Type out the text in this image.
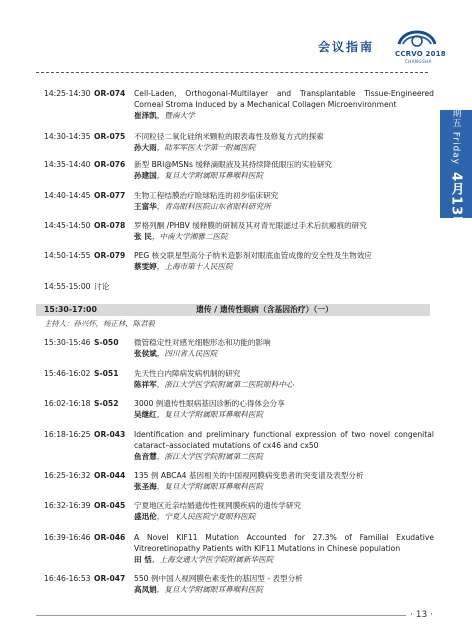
会议指南	CCRVO 2018
CHANGSHA
星期五 Friday
4月13日
14:25-14:30 OR-074 Cell-Laden, Orthogonal-Multilayer and Transplantable Tissue-Engineered Corneal Stroma Induced by a Mechanical Collagen Microenvironment
崔泽凯，暨南大学
14:30-14:35 OR-075 不同粒径二氧化硅纳米颗粒的眼表毒性及修复方式的探索
孙大雨，陆军军医大学第一附属医院
14:35-14:40 OR-076 新型 BRI@MSNs 缓释滴眼液及其持续降低眼压的实验研究
孙建国，复旦大学附属眼耳鼻喉科医院
14:40-14:45 OR-077 生物工程结膜治疗睑球粘连的初步临床研究
王富华，青岛眼科医院山东省眼科研究所
14:45-14:50 OR-078 罗格列酮 /PHBV 缓释膜的研制及其对青光眼滤过手术后抗瘢痕的研究
张 民，中南大学湘雅二医院
14:50-14:55 OR-079 PEG 核交联星型高分子纳米造影剂对眼底血管成像的安全性及生物效应
蔡雯婷，上海市第十人民医院
14:55-15:00 讨论
15:30-17:00	遗传 / 遗传性眼病（含基因治疗）（一）
主持人：孙兴怀，杨正林，陈君毅
15:30-15:46 S-050 微管稳定性对感光细胞形态和功能的影响
张侯斌，四川省人民医院
15:46-16:02 S-051 先天性白内障病发病机制的研究
陈祥军，浙江大学医学院附属第二医院眼科中心
16:02-16:18 S-052 3000 例遗传性眼病基因诊断的心得体会分享
吴继红，复旦大学附属眼耳鼻喉科医院
16:18-16:25 OR-043 Identification and preliminary functional expression of two novel congenital cataract–associated mutations of cx46 and cx50
鱼音慧，浙江大学医学院附属第二医院
16:25-16:32 OR-044 135 例 ABCA4 基因相关的中国视网膜病变患者的突变谱及表型分析
张圣海，复旦大学附属眼耳鼻喉科医院
16:32-16:39 OR-045 宁夏地区近亲结婚遗传性视网膜疾病的遗传学研究
盛迅伦，宁夏人民医院宁夏眼科医院
16:39-16:46 OR-046 A Novel KIF11 Mutation Accounted for 27.3% of Familial Exudative Vitreoretinopathy Patients with KIF11 Mutations in Chinese population
田 恬，上海交通大学医学院附属新华医院
16:46-16:53 OR-047 550 例中国人视网膜色素变性的基因型 - 表型分析
高凤娟，复旦大学附属眼耳鼻喉科医院
· 13 ·
